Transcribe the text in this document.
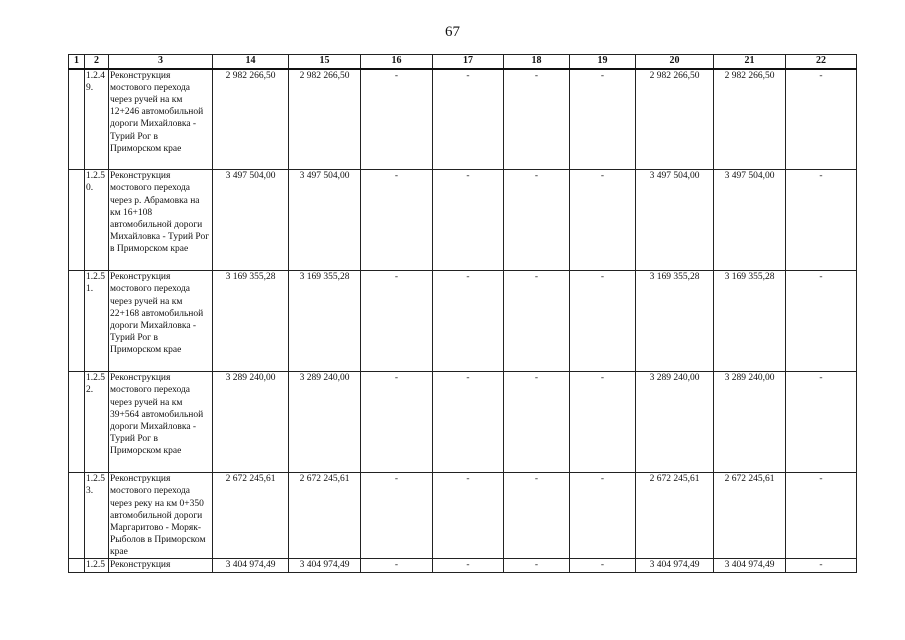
67
1	2	3	14	15	16	17	18	19	20	21	22
	1.2.49.	Реконструкция мостового перехода через ручей на км 12+246 автомобильной дороги Михайловка - Турий Рог в Приморском крае	2 982 266,50	2 982 266,50	-	-	-	-	2 982 266,50	2 982 266,50	-
	1.2.50.	Реконструкция мостового перехода через р. Абрамовка на км 16+108 автомобильной дороги Михайловка - Турий Рог в Приморском крае	3 497 504,00	3 497 504,00	-	-	-	-	3 497 504,00	3 497 504,00	-
	1.2.51.	Реконструкция мостового перехода через ручей на км 22+168 автомобильной дороги Михайловка - Турий Рог в Приморском крае	3 169 355,28	3 169 355,28	-	-	-	-	3 169 355,28	3 169 355,28	-
	1.2.52.	Реконструкция мостового перехода через ручей на км 39+564 автомобильной дороги Михайловка - Турий Рог в Приморском крае	3 289 240,00	3 289 240,00	-	-	-	-	3 289 240,00	3 289 240,00	-
	1.2.53.	Реконструкция мостового перехода через реку на км 0+350 автомобильной дороги Маргаритово - Моряк-Рыболов в Приморском крае	2 672 245,61	2 672 245,61	-	-	-	-	2 672 245,61	2 672 245,61	-
	1.2.5	Реконструкция	3 404 974,49	3 404 974,49	-	-	-	-	3 404 974,49	3 404 974,49	-
